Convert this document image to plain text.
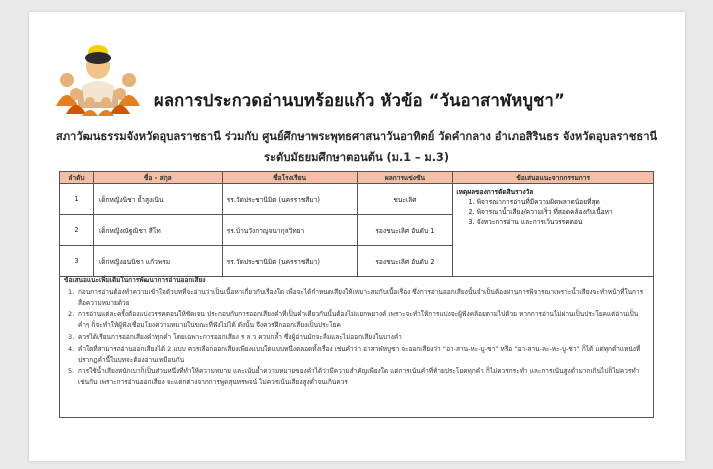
ผลการประกวดอ่านบทร้อยแก้ว หัวข้อ “วันอาสาฬหบูชา”
สภาวัฒนธรรมจังหวัดอุบลราชธานี ร่วมกับ ศูนย์ศึกษาพระพุทธศาสนาวันอาทิตย์ วัดคำกลาง อำเภอสิรินธร จังหวัดอุบลราชธานี
ระดับมัธยมศึกษาตอนต้น (ม.1 – ม.3)
ลำดับ	ชื่อ - สกุล	ชื่อโรงเรียน	ผลการแข่งขัน	ข้อเสนอแนะจากกรรมการ
1	เด็กหญิงนิชา ย้ำสูงเนิน	รร.วัดประชานิมิต (นครราชสีมา)	ชนะเลิศ	เหตุผลของการตัดสินรางวัล
1. พิจารณาการอ่านที่มีความผิดพลาดน้อยที่สุด
2. พิจารณาน้ำเสียง/ความเร็ว ที่สอดคล้องกับเนื้อหา
3. จังหวะการอ่าน และการเว้นวรรคตอน

2	เด็กหญิงณัฐณิชา สีโท	รร.บ้านวังกาญจนากุลวิทยา	รองชนะเลิศ อันดับ 1	
3	เด็กหญิงอนนิชา แก้วพรม	รร.วัดประชานิมิต (นครราชสีมา)	รองชนะเลิศ อันดับ 2	
ข้อเสนอแนะเพิ่มเติมในการพัฒนาการอ่านออกเสียง
1. ก่อนการอ่านต้องทำความเข้าใจตัวบทที่จะอ่านว่าเป็นเนื้อหาเกี่ยวกับเรื่องใด เพื่อจะได้กำหนดเสียงให้เหมาะสมกับเนื้อเรื่อง ซึ่งการอ่านออกเสียงนั้นจำเป็นต้องผ่านการพิจารณาเพราะน้ำเสียงจะทำหน้าที่ในการสื่อความหมายด้วย
2. การอ่านแต่ละครั้งต้องแบ่งวรรคตอนให้ชัดเจน ประกอบกับการออกเสียงคำที่เป็นคำเดียวกันนั้นต้องไม่แยกพยางค์ เพราะจะทำให้การแบ่งจะผู้ฟังคล้อยตามไปด้วย หากการอ่านไม่ผ่านเป็นประโยคแต่อ่านเป็นคำๆ ก็จะทำให้ผู้ฟังเชื่อมโยงความหมายในขณะที่ฟังไม่ได้ ดังนั้น จึงควรฝึกออกเสียงเป็นประโยค
3. ควรได้เรียนการออกเสียงคำทุกคำ โดยเฉพาะการออกเสียง ร ล ว ควบกล้ำ ซึ่งผู้อ่านมักจะลืมและไม่ออกเสียงในบางคำ
4. คำใดที่สามารถอ่านออกเสียงได้ 2 แบบ ควรเลือกออกเสียงเพียงแบบใดแบบหนึ่งตลอดทั้งเรื่อง เช่นคำว่า อาสาฬหบูชา จะออกเสียงว่า “อา-สาน-หะ-บู-ชา” หรือ “อา-สาน-ละ-หะ-บู-ชา” ก็ได้ แต่ทุกตำแหน่งที่ปรากฏคำนี้ในบทจะต้องอ่านเหมือนกัน
5. การใช้น้ำเสียงหนักเบาก็เป็นส่วนหนึ่งที่ทำให้ความหมาย และเน้นย้ำความหมายของคำได้ว่ามีความสำคัญเพียงใด แต่การเน้นคำที่ท้ายประโยคทุกคำ ก็ไม่ควรกระทำ และการเน้นสูงต่ำมากเกินไปก็ไม่ควรทำเช่นกัน เพราะการอ่านออกเสียง จะแตกต่างจากการพูดสุนทรพจน์ ไม่ควรเน้นเสียงสูงต่ำจนเกินควร
